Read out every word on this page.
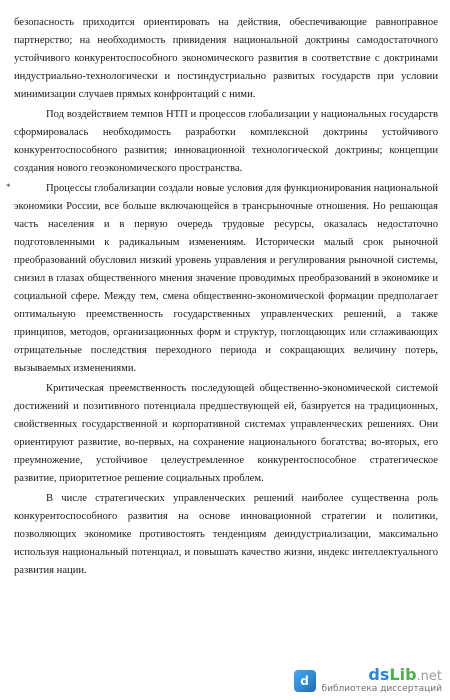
безопасность приходится ориентировать на действия, обеспечивающие равноправное партнерство; на необходимость привидения национальной доктрины самодостаточного устойчивого конкурентоспособного экономического развития в соответствие с доктринами индустриально-технологически и постиндустриально развитых государств при условии минимизации случаев прямых конфронтаций с ними.

Под воздействием темпов НТП и процессов глобализации у национальных государств сформировалась необходимость разработки комплексной доктрины устойчивого конкурентоспособного развития; инновационной технологической доктрины; концепции создания нового геоэкономического пространства.

Процессы глобализации создали новые условия для функционирования национальной экономики России, все больше включающейся в трансрыночные отношения. Но решающая часть населения и в первую очередь трудовые ресурсы, оказалась недостаточно подготовленными к радикальным изменениям. Исторически малый срок рыночной преобразований обусловил низкий уровень управления и регулирования рыночной системы, снизил в глазах общественного мнения значение проводимых преобразований в экономике и социальной сфере. Между тем, смена общественно-экономической формации предполагает оптимальную преемственность государственных управленческих решений, а также принципов, методов, организационных форм и структур, поглощающих или сглаживающих отрицательные последствия переходного периода и сокращающих величину потерь, вызываемых изменениями.

Критическая преемственность последующей общественно-экономической системой достижений и позитивного потенциала предшествующей ей, базируется на традиционных, свойственных государственной и корпоративной системах управленческих решениях. Они ориентируют развитие, во-первых, на сохранение национального богатства; во-вторых, его преумножение, устойчивое целеустремленное конкурентоспособное стратегическое развитие, приоритетное решение социальных проблем.

В числе стратегических управленческих решений наиболее существенна роль конкурентоспособного развития на основе инновационной стратегии и политики, позволяющих экономике противостоять тенденциям деиндустриализации, максимально используя национальный потенциал, и повышать качество жизни, индекс интеллектуального развития нации.

*
d	dsLib.net
библиотека диссертаций
